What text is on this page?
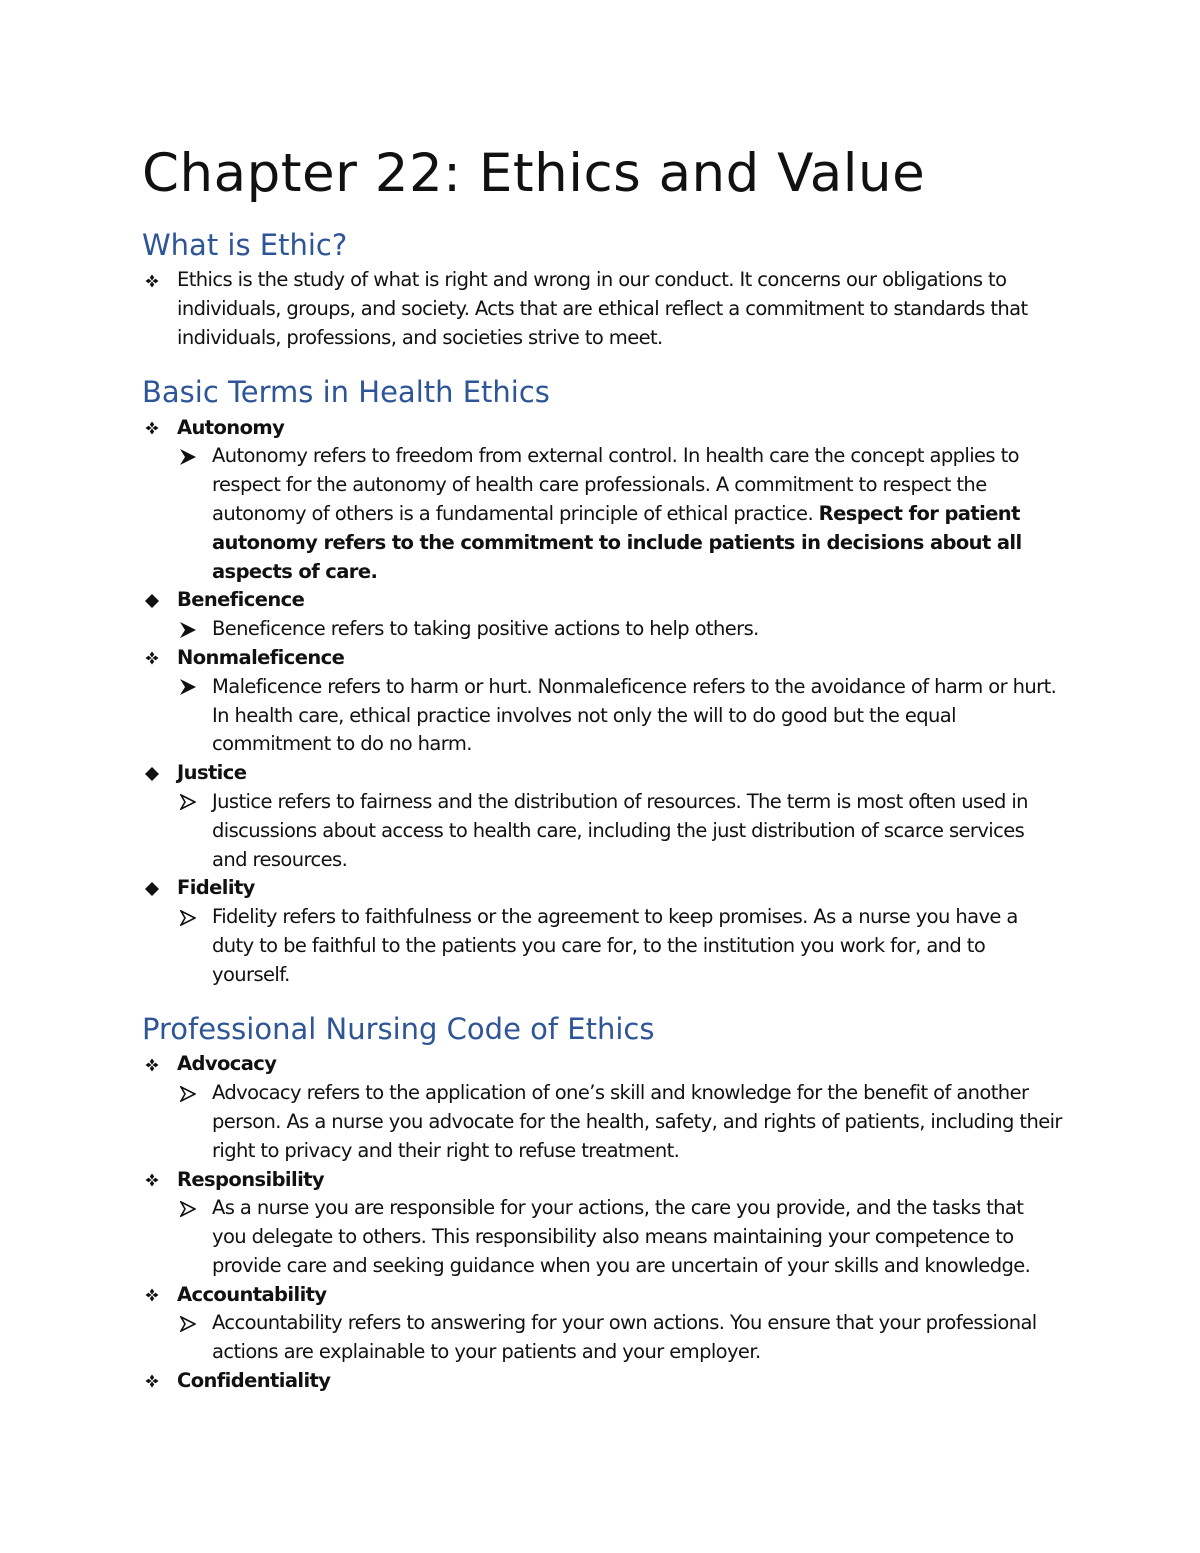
Chapter 22: Ethics and Value
What is Ethic?
Ethics is the study of what is right and wrong in our conduct. It concerns our obligations to individuals, groups, and society. Acts that are ethical reflect a commitment to standards that individuals, professions, and societies strive to meet.
Basic Terms in Health Ethics
Autonomy
Autonomy refers to freedom from external control. In health care the concept applies to respect for the autonomy of health care professionals. A commitment to respect the autonomy of others is a fundamental principle of ethical practice. Respect for patient autonomy refers to the commitment to include patients in decisions about all aspects of care.
Beneficence
Beneficence refers to taking positive actions to help others.
Nonmaleficence
Maleficence refers to harm or hurt. Nonmaleficence refers to the avoidance of harm or hurt. In health care, ethical practice involves not only the will to do good but the equal commitment to do no harm.
Justice
Justice refers to fairness and the distribution of resources. The term is most often used in discussions about access to health care, including the just distribution of scarce services and resources.
Fidelity
Fidelity refers to faithfulness or the agreement to keep promises. As a nurse you have a duty to be faithful to the patients you care for, to the institution you work for, and to yourself.
Professional Nursing Code of Ethics
Advocacy
Advocacy refers to the application of one’s skill and knowledge for the benefit of another person. As a nurse you advocate for the health, safety, and rights of patients, including their right to privacy and their right to refuse treatment.
Responsibility
As a nurse you are responsible for your actions, the care you provide, and the tasks that you delegate to others. This responsibility also means maintaining your competence to provide care and seeking guidance when you are uncertain of your skills and knowledge.
Accountability
Accountability refers to answering for your own actions. You ensure that your professional actions are explainable to your patients and your employer.
Confidentiality
